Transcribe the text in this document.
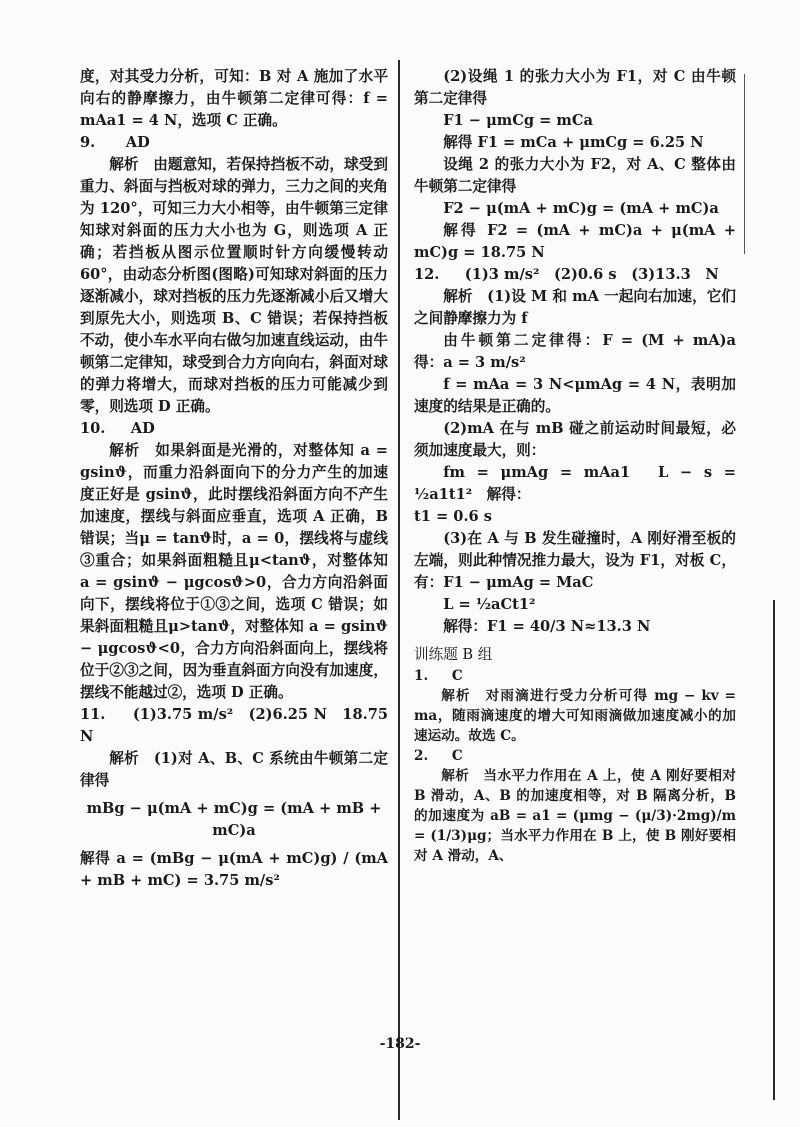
度，对其受力分析，可知：B 对 A 施加了水平向右的静摩擦力，由牛顿第二定律可得：f = mAa1 = 4 N，选项 C 正确。

9. AD

解析　由题意知，若保持挡板不动，球受到重力、斜面与挡板对球的弹力，三力之间的夹角为 120°，可知三力大小相等，由牛顿第三定律知球对斜面的压力大小也为 G，则选项 A 正确；若挡板从图示位置顺时针方向缓慢转动 60°，由动态分析图(图略)可知球对斜面的压力逐渐减小，球对挡板的压力先逐渐减小后又增大到原先大小，则选项 B、C 错误；若保持挡板不动，使小车水平向右做匀加速直线运动，由牛顿第二定律知，球受到合力方向向右，斜面对球的弹力将增大，而球对挡板的压力可能减少到零，则选项 D 正确。

10. AD

解析　如果斜面是光滑的，对整体知 a = gsinϑ，而重力沿斜面向下的分力产生的加速度正好是 gsinϑ，此时摆线沿斜面方向不产生加速度，摆线与斜面应垂直，选项 A 正确，B 错误；当μ = tanϑ时，a = 0，摆线将与虚线③重合；如果斜面粗糙且μ<tanϑ，对整体知 a = gsinϑ − μgcosϑ>0，合力方向沿斜面向下，摆线将位于①③之间，选项 C 错误；如果斜面粗糙且μ>tanϑ，对整体知 a = gsinϑ − μgcosϑ<0，合力方向沿斜面向上，摆线将位于②③之间，因为垂直斜面方向没有加速度，摆线不能越过②，选项 D 正确。

11. (1)3.75 m/s²　(2)6.25 N　18.75 N

解析　(1)对 A、B、C 系统由牛顿第二定律得

mBg − μ(mA + mC)g = (mA + mB + mC)a

解得 a = (mBg − μ(mA + mC)g) / (mA + mB + mC) = 3.75 m/s²

(2)设绳 1 的张力大小为 F1，对 C 由牛顿第二定律得

F1 − μmCg = mCa

解得 F1 = mCa + μmCg = 6.25 N

设绳 2 的张力大小为 F2，对 A、C 整体由牛顿第二定律得

F2 − μ(mA + mC)g = (mA + mC)a

解得 F2 = (mA + mC)a + μ(mA + mC)g = 18.75 N

12. (1)3 m/s²　(2)0.6 s　(3)13.3　N

解析　(1)设 M 和 mA 一起向右加速，它们之间静摩擦力为 f

由牛顿第二定律得：F = (M + mA)a　得：a = 3 m/s²

f = mAa = 3 N<μmAg = 4 N，表明加速度的结果是正确的。

(2)mA 在与 mB 碰之前运动时间最短，必须加速度最大，则：

fm = μmAg = mAa1　L − s = ½a1t1²　解得：

t1 = 0.6 s

(3)在 A 与 B 发生碰撞时，A 刚好滑至板的左端，则此种情况推力最大，设为 F1，对板 C，有：F1 − μmAg = MaC

L = ½aCt1²

解得：F1 = 40/3 N≈13.3 N

训练题 B 组

1. C

解析　对雨滴进行受力分析可得 mg − kv = ma，随雨滴速度的增大可知雨滴做加速度减小的加速运动。故选 C。

2. C

解析　当水平力作用在 A 上，使 A 刚好要相对 B 滑动，A、B 的加速度相等，对 B 隔离分析，B 的加速度为 aB = a1 = (μmg − (μ/3)·2mg)/m = (1/3)μg；当水平力作用在 B 上，使 B 刚好要相对 A 滑动，A、

-182-
